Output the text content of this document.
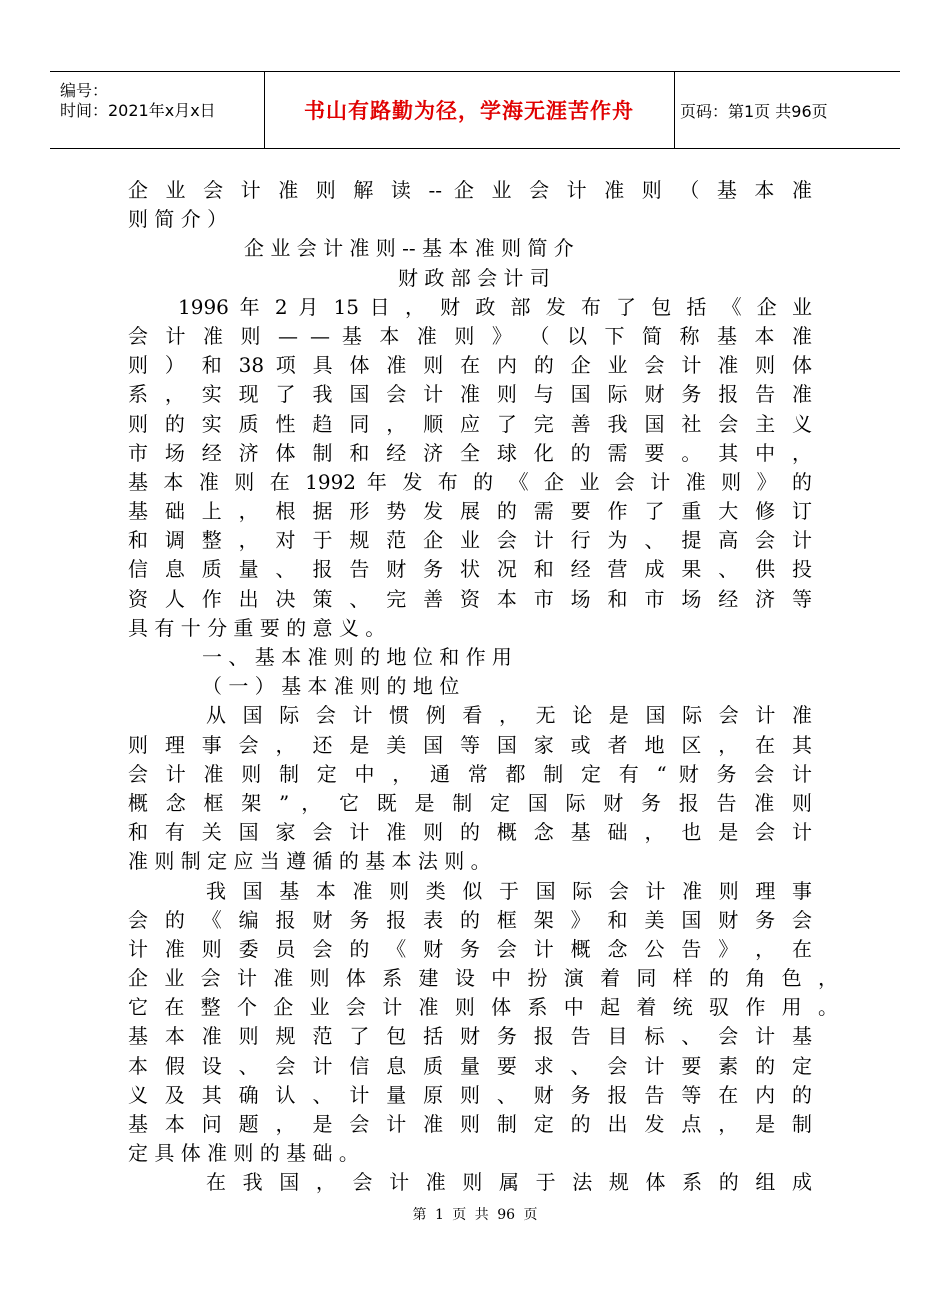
编号：
时间：2021年x月x日	书山有路勤为径，学海无涯苦作舟	页码：第1页 共96页
企 业 会 计 准 则 解 读 -- 企 业 会 计 准 则 （ 基 本 准
则 简 介 ）
企 业 会 计 准 则 -- 基 本 准 则 简 介
财 政 部 会 计 司
1996 年 2 月 15 日 ， 财 政 部 发 布 了 包 括 《 企 业
会 计 准 则 — — 基 本 准 则 》 （ 以 下 简 称 基 本 准
则 ） 和 38 项 具 体 准 则 在 内 的 企 业 会 计 准 则 体
系 ， 实 现 了 我 国 会 计 准 则 与 国 际 财 务 报 告 准
则 的 实 质 性 趋 同 ， 顺 应 了 完 善 我 国 社 会 主 义
市 场 经 济 体 制 和 经 济 全 球 化 的 需 要 。 其 中 ，
基 本 准 则 在 1992 年 发 布 的 《 企 业 会 计 准 则 》 的
基 础 上 ， 根 据 形 势 发 展 的 需 要 作 了 重 大 修 订
和 调 整 ， 对 于 规 范 企 业 会 计 行 为 、 提 高 会 计
信 息 质 量 、 报 告 财 务 状 况 和 经 营 成 果 、 供 投
资 人 作 出 决 策 、 完 善 资 本 市 场 和 市 场 经 济 等
具 有 十 分 重 要 的 意 义 。
一 、 基 本 准 则 的 地 位 和 作 用
（ 一 ） 基 本 准 则 的 地 位
从 国 际 会 计 惯 例 看 ， 无 论 是 国 际 会 计 准
则 理 事 会 ， 还 是 美 国 等 国 家 或 者 地 区 ， 在 其
会 计 准 则 制 定 中 ， 通 常 都 制 定 有 “ 财 务 会 计
概 念 框 架 ” ， 它 既 是 制 定 国 际 财 务 报 告 准 则
和 有 关 国 家 会 计 准 则 的 概 念 基 础 ， 也 是 会 计
准 则 制 定 应 当 遵 循 的 基 本 法 则 。
我 国 基 本 准 则 类 似 于 国 际 会 计 准 则 理 事
会 的 《 编 报 财 务 报 表 的 框 架 》 和 美 国 财 务 会
计 准 则 委 员 会 的 《 财 务 会 计 概 念 公 告 》 ， 在
企 业 会 计 准 则 体 系 建 设 中 扮 演 着 同 样 的 角 色 ，
它 在 整 个 企 业 会 计 准 则 体 系 中 起 着 统 驭 作 用 。
基 本 准 则 规 范 了 包 括 财 务 报 告 目 标 、 会 计 基
本 假 设 、 会 计 信 息 质 量 要 求 、 会 计 要 素 的 定
义 及 其 确 认 、 计 量 原 则 、 财 务 报 告 等 在 内 的
基 本 问 题 ， 是 会 计 准 则 制 定 的 出 发 点 ， 是 制
定 具 体 准 则 的 基 础 。
在 我 国 ， 会 计 准 则 属 于 法 规 体 系 的 组 成
第 1 页 共 96 页
